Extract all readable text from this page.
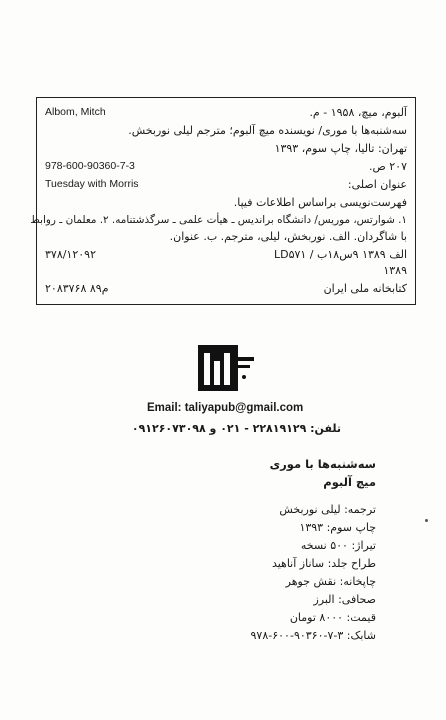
Albom, Mitch	آلبوم، میچ، ۱۹۵۸ - م.
سه‌شنبه‌ها با موری/ نویسنده میچ آلبوم؛ مترجم لیلی نوربخش.
تهران: تالیا، چاپ سوم، ۱۳۹۳
978-600-90360-7-3	۲۰۷ ص.
Tuesday with Morris	عنوان اصلی:
فهرست‌نویسی براساس اطلاعات فیپا.
۱. شوارتس، موریس/ دانشگاه براندیس ـ هیأت علمی ـ سرگذشتنامه. ۲. معلمان ـ روابط
با شاگردان. الف. نوربخش، لیلی، مترجم. ب. عنوان.
۳۷۸/۱۲۰۹۲	الف ۱۳۸۹ ۹س۱۸ب / LD۵۷۱
۱۳۸۹
۲۰۸۳۷۶۸ م۸۹	کتابخانه ملی ایران
Email: taliyapub@gmail.com
تلفن: ۲۲۸۱۹۱۲۹ - ۰۲۱ و ۰۹۱۲۶۰۷۳۰۹۸
سه‌شنبه‌ها با موری
میچ آلبوم
ترجمه: لیلی نوربخش
چاپ سوم: ۱۳۹۳
تیراژ: ۵۰۰ نسخه
طراح جلد: ساناز آناهید
چاپخانه: نقش جوهر
صحافی: البرز
قیمت: ۸۰۰۰ تومان
شابک: ۳-۷-۹۰۳۶۰-۶۰۰-۹۷۸
